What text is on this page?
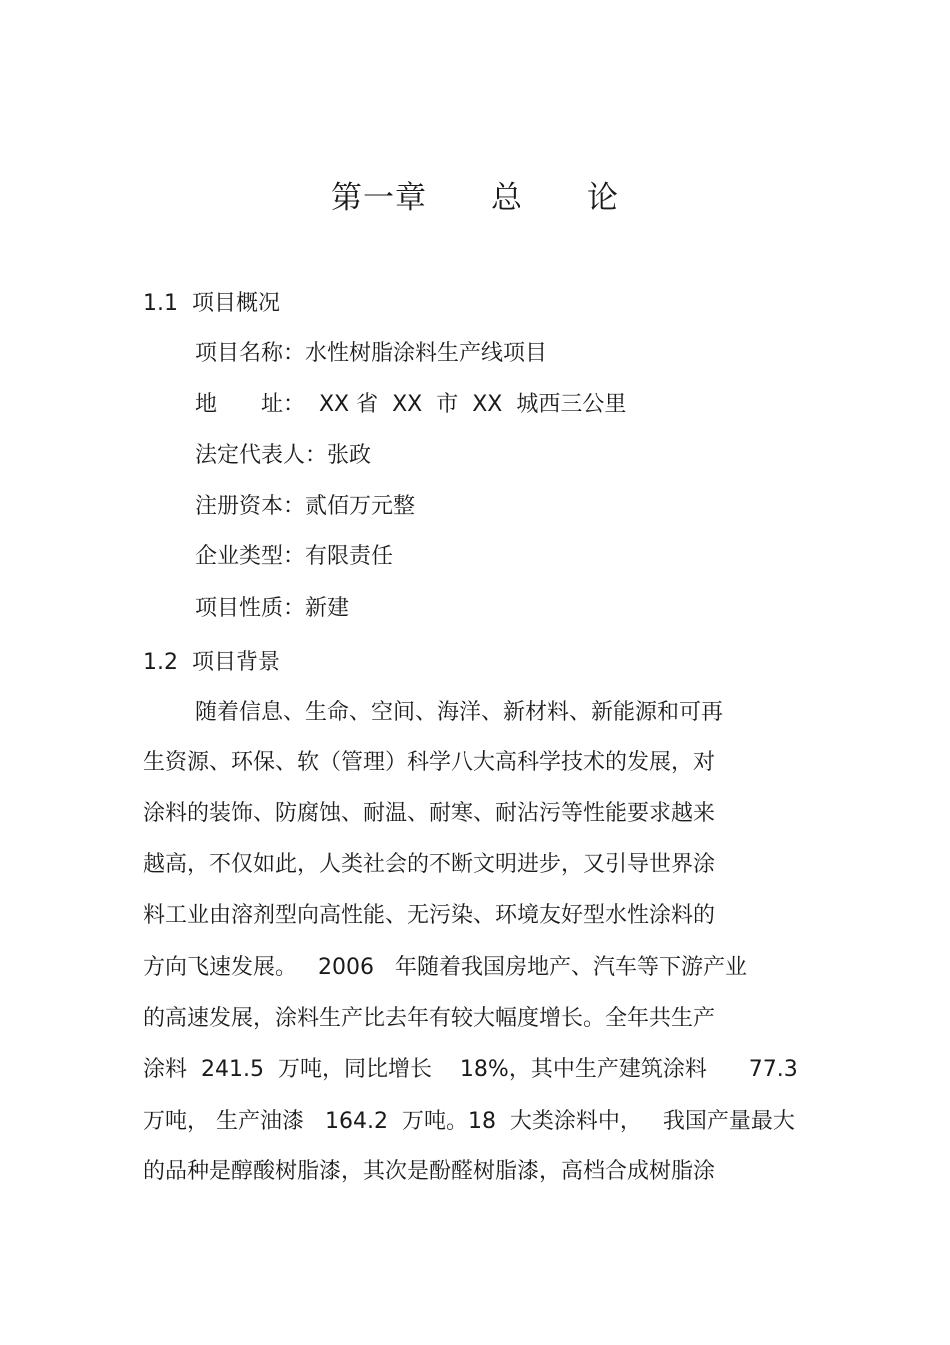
第一章　　总　　论
1.1  项目概况
项目名称：水性树脂涂料生产线项目
地　　址：  XX 省  XX  市  XX  城西三公里
法定代表人：张政
注册资本：贰佰万元整
企业类型：有限责任
项目性质：新建
1.2  项目背景
随着信息、生命、空间、海洋、新材料、新能源和可再
生资源、环保、软（管理）科学八大高科学技术的发展，对
涂料的装饰、防腐蚀、耐温、耐寒、耐沾污等性能要求越来
越高，不仅如此，人类社会的不断文明进步，又引导世界涂
料工业由溶剂型向高性能、无污染、环境友好型水性涂料的
方向飞速发展。   2006   年随着我国房地产、汽车等下游产业
的高速发展，涂料生产比去年有较大幅度增长。全年共生产
涂料  241.5  万吨，同比增长    18%，其中生产建筑涂料      77.3
万吨， 生产油漆   164.2  万吨。18  大类涂料中，   我国产量最大
的品种是醇酸树脂漆，其次是酚醛树脂漆，高档合成树脂涂
